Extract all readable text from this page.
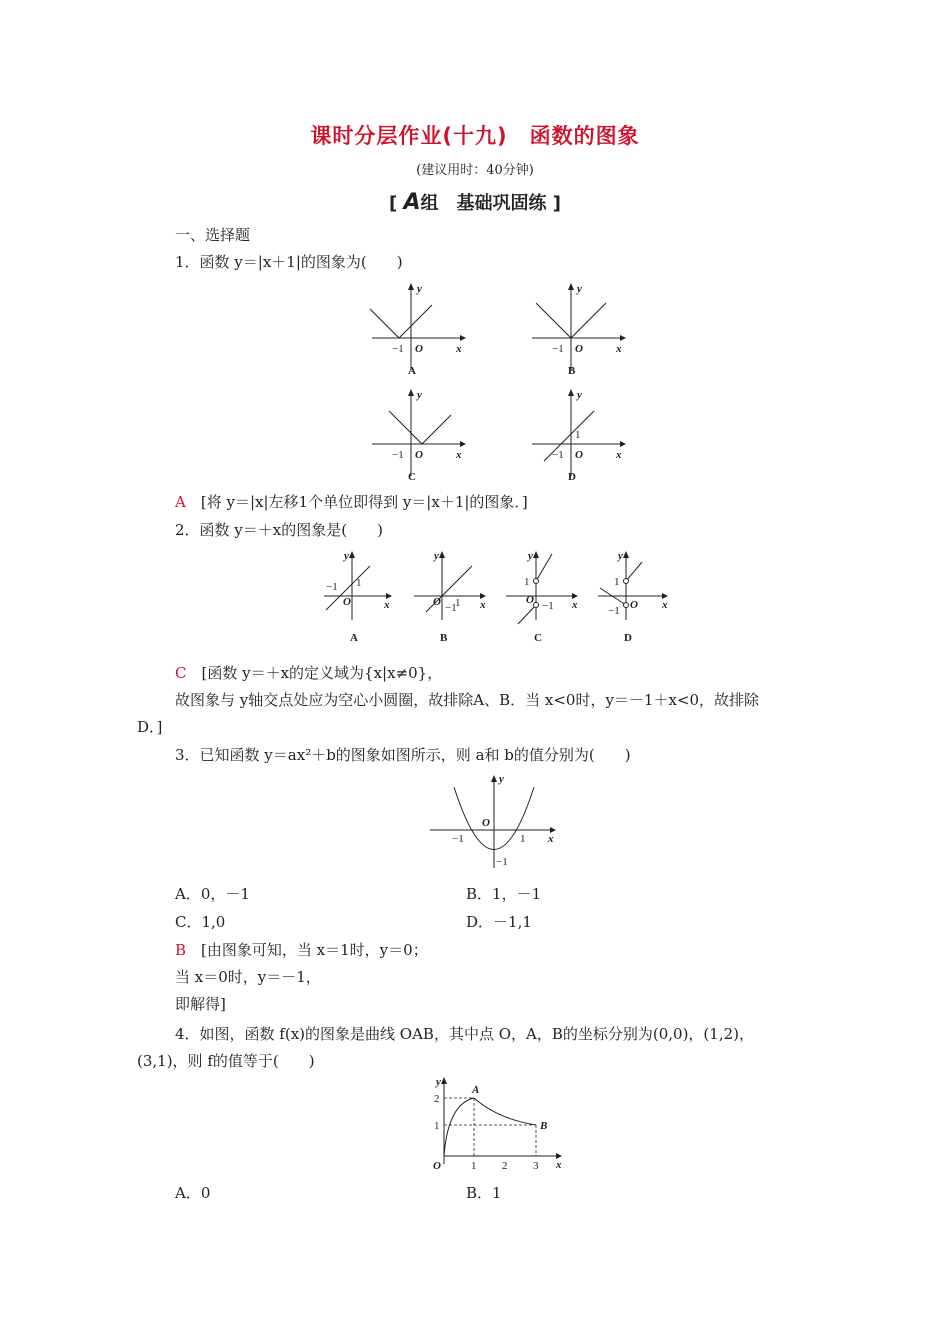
课时分层作业(十九)　函数的图象
(建议用时：40分钟)
[ A组　基础巩固练 ]
一、选择题
1．函数 y＝|x＋1|的图象为(　　)
y
x
O
−1
A
y
x
O
−1
B
y
x
O
−1
C
y
x
O
−1
1
D
A　 [将 y＝|x|左移1个单位即得到 y＝|x＋1|的图象．]
2．函数 y＝＋x的图象是(　　)
y
x
O
−1 1
A
y
x
O −1
1
B
y
x
O
1
−1
C
y
x
O
1
−1
D
C　 [函数 y＝＋x的定义域为{x|x≠0}，
故图象与 y轴交点处应为空心小圆圈，故排除A、B．当 x<0时，y＝－1＋x<0，故排除
D．]
3．已知函数 y＝ax²＋b的图象如图所示，则 a和 b的值分别为(　　)
y
x
O
−1	1
−1
A．0，－1	B．1，－1
C．1,0	D．－1,1
B　 [由图象可知，当 x＝1时，y＝0；
当 x＝0时，y＝－1，
即解得]
4．如图，函数 f(x)的图象是曲线 OAB，其中点 O，A，B的坐标分别为(0,0)，(1,2)，
(3,1)，则 f的值等于(　　)
y
x
O
2
1
1 2 3
A
B
A．0	B．1
